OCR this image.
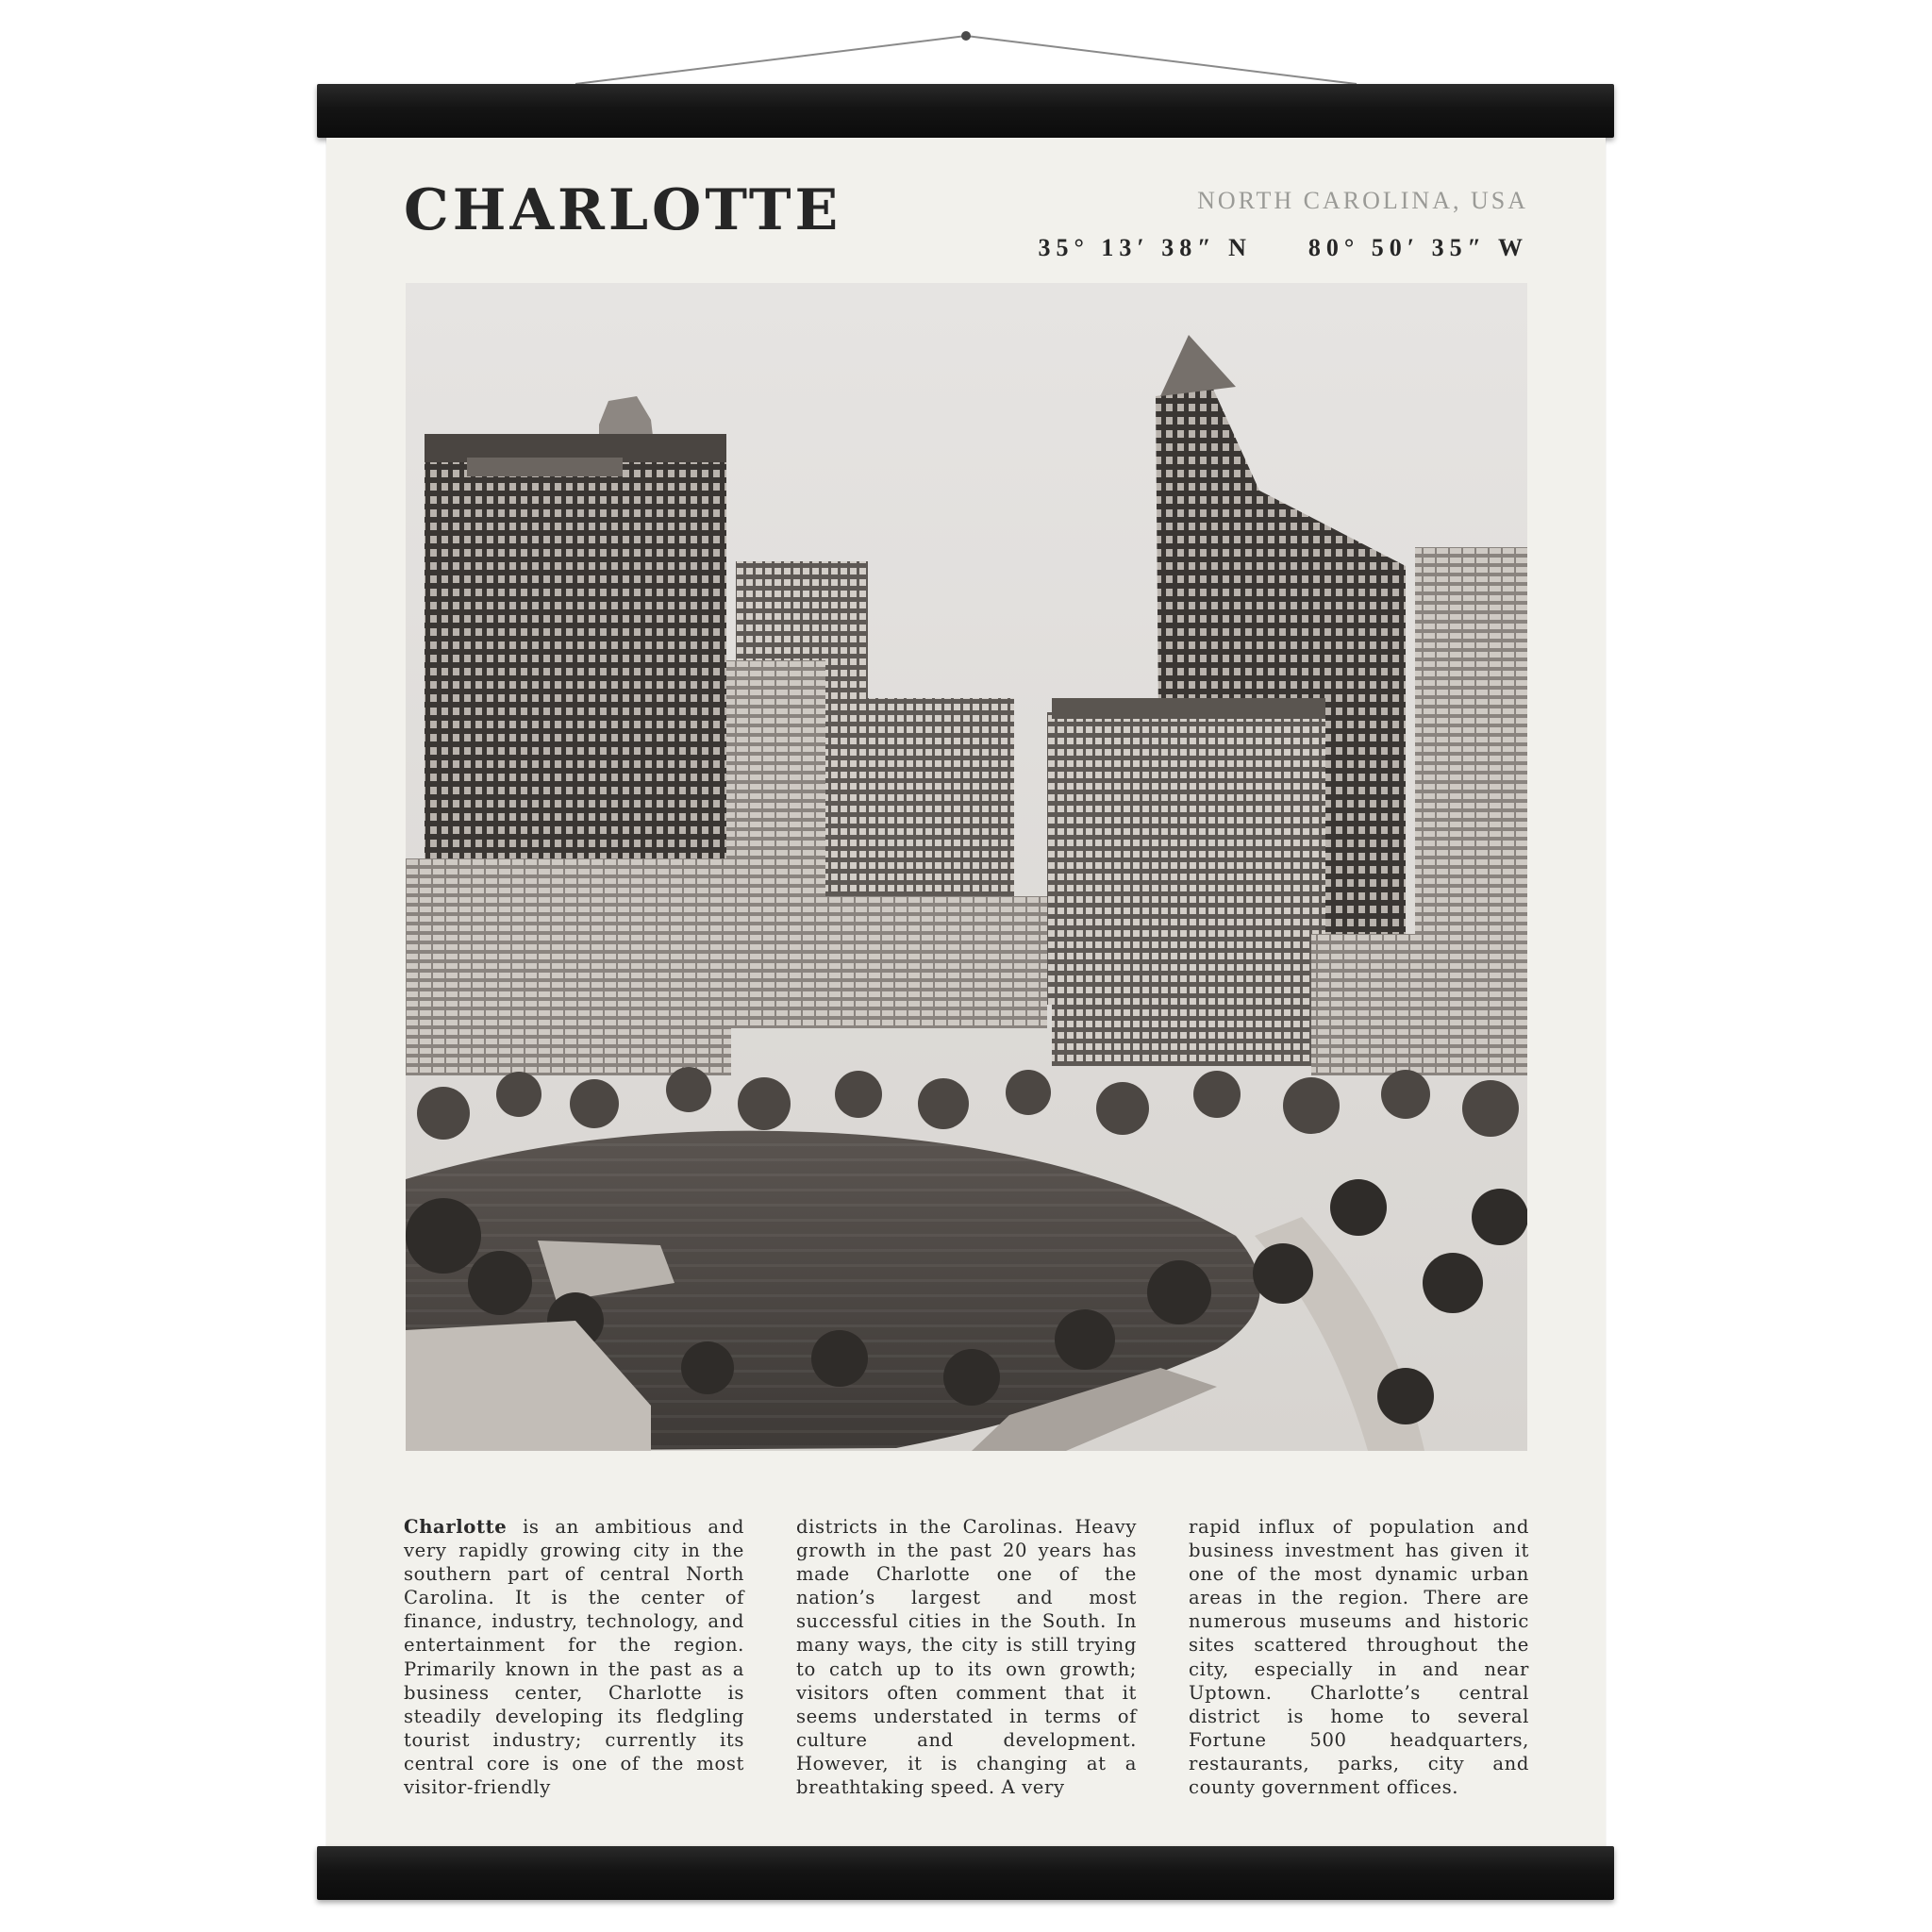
CHARLOTTE	NORTH CAROLINA, USA
35° 13′ 38″ N 80° 50′ 35″ W
Charlotte is an ambitious and very rapidly growing city in the southern part of central North Carolina. It is the center of finance, industry, technology, and entertainment for the region. Primarily known in the past as a business center, Charlotte is steadily developing its fledgling tourist industry; currently its central core is one of the most visitor-friendly
districts in the Carolinas. Heavy growth in the past 20 years has made Charlotte one of the nation’s largest and most successful cities in the South. In many ways, the city is still trying to catch up to its own growth; visitors often comment that it seems understated in terms of culture and development. However, it is changing at a breathtaking speed. A very
rapid influx of population and business investment has given it one of the most dynamic urban areas in the region. There are numerous museums and historic sites scattered throughout the city, especially in and near Uptown. Charlotte’s central district is home to several Fortune 500 headquarters, restaurants, parks, city and county government offices.
